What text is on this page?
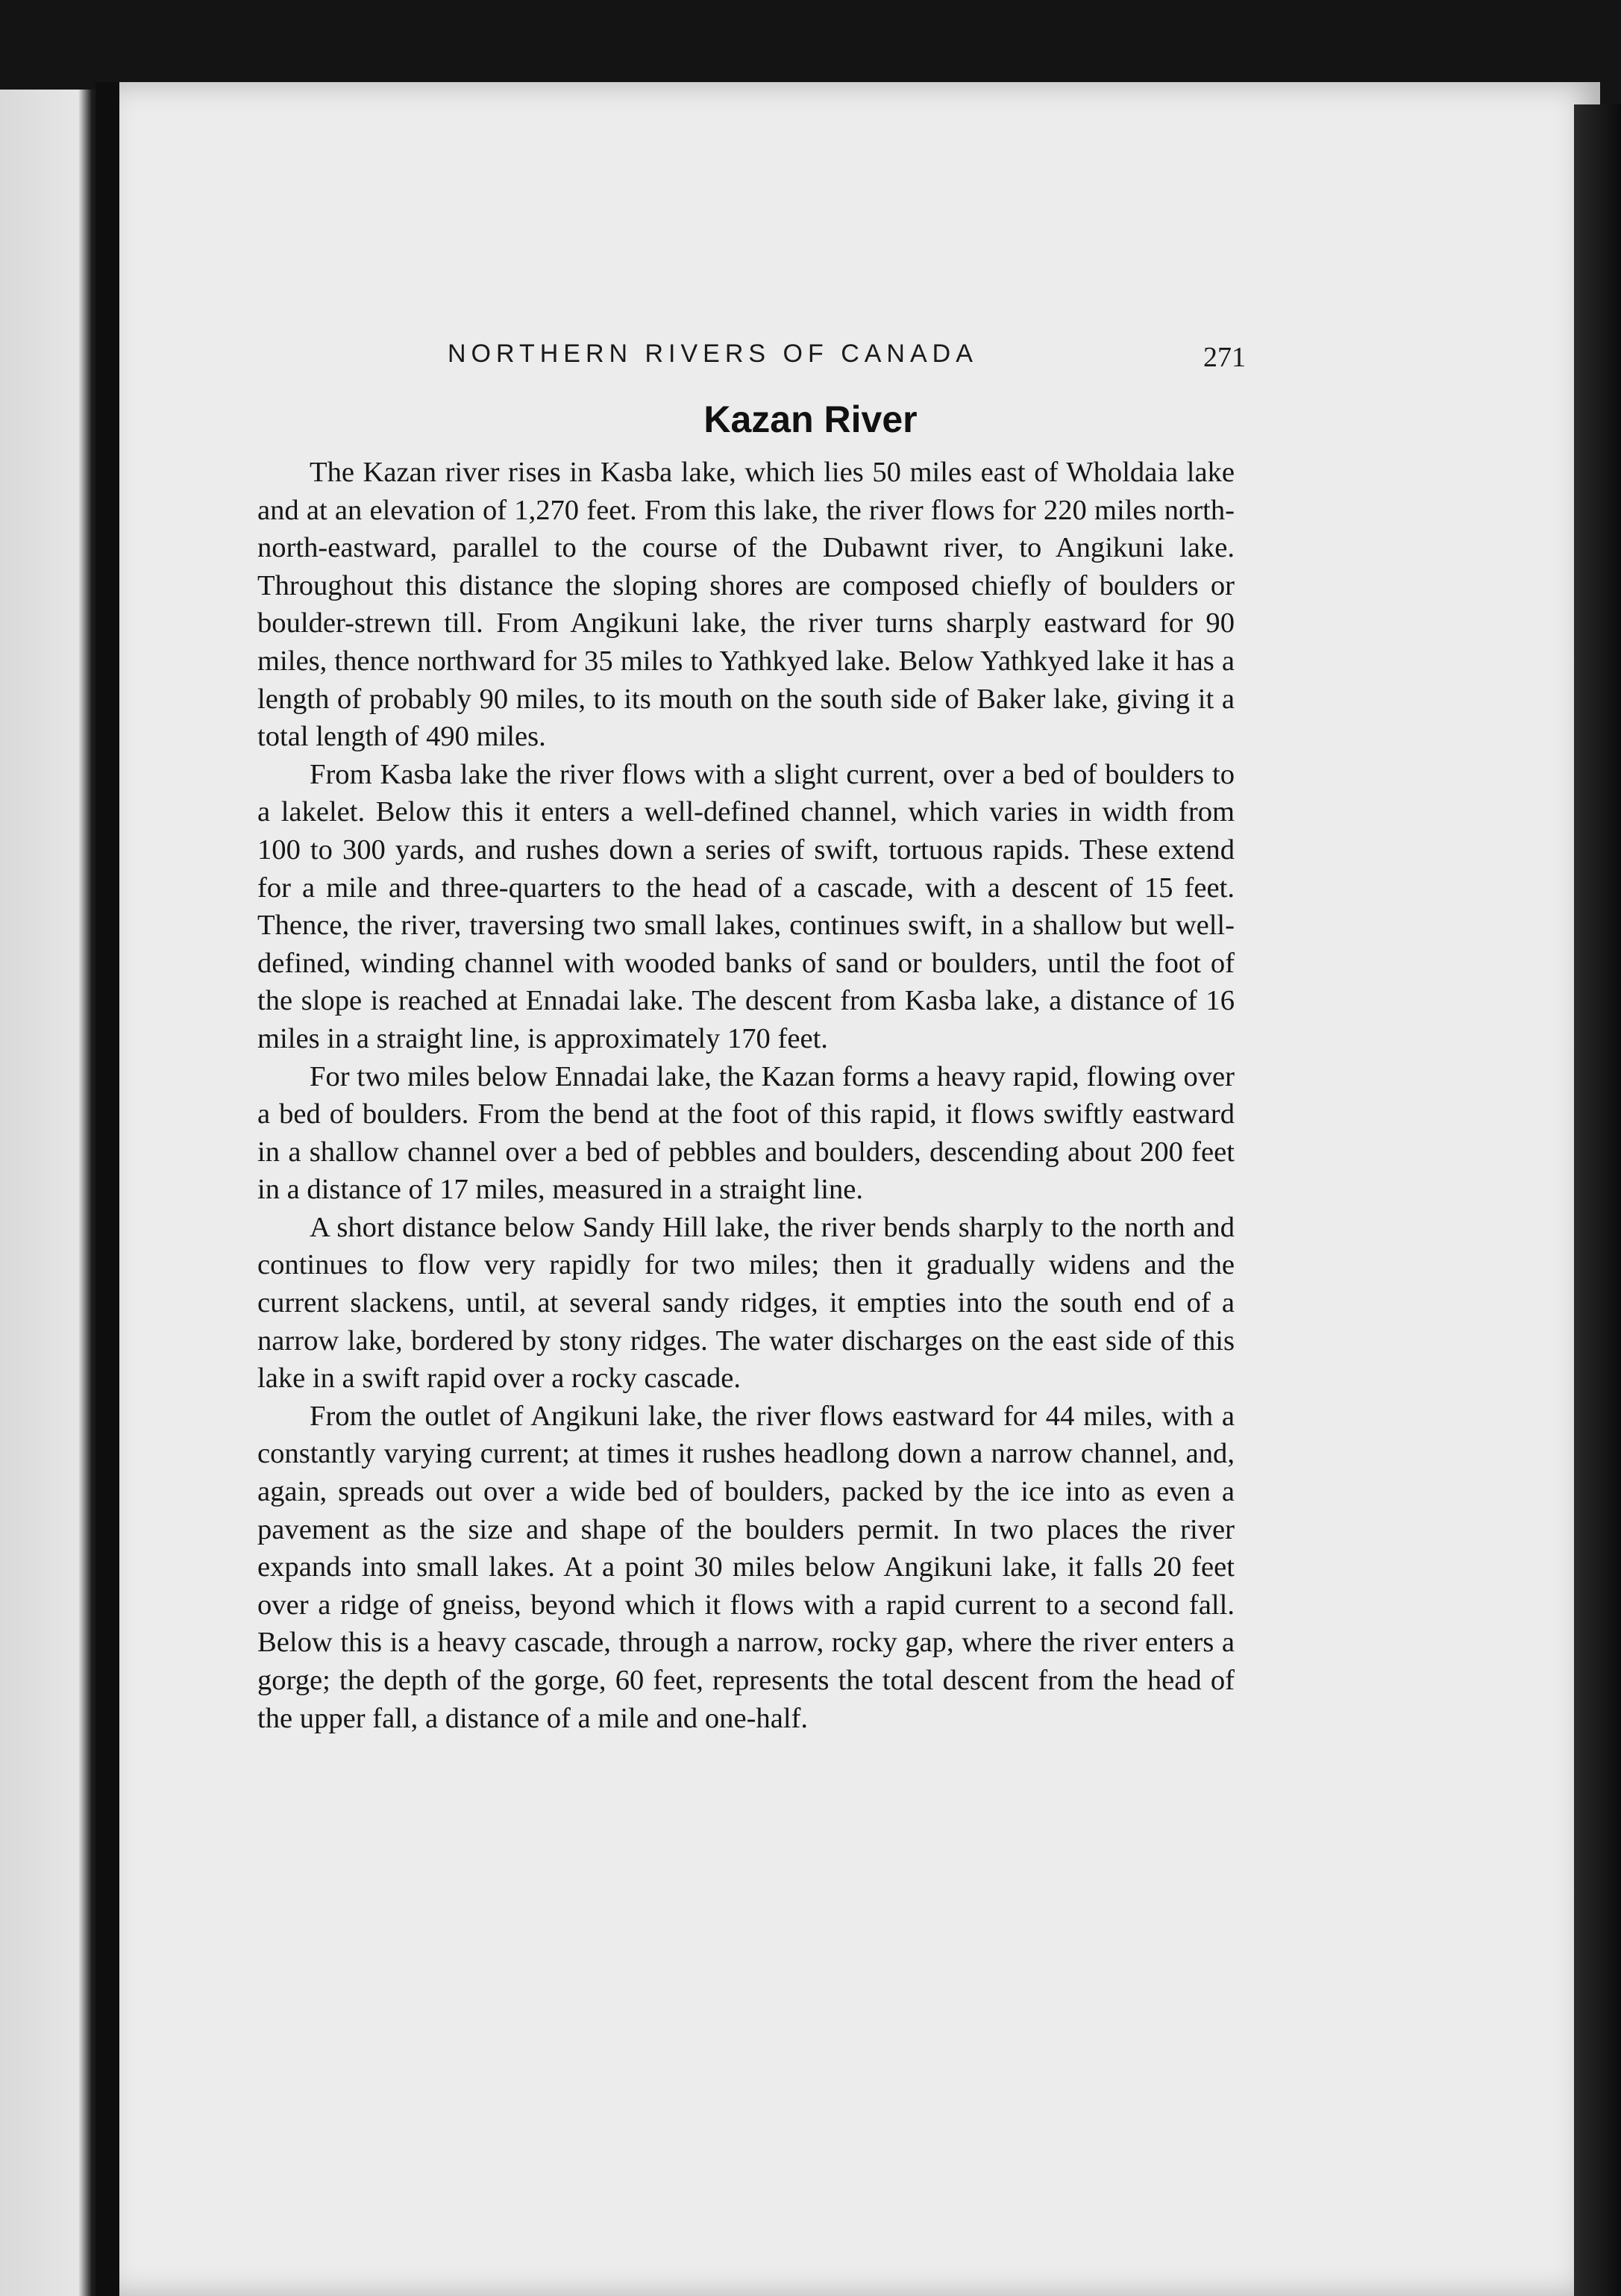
NORTHERN RIVERS OF CANADA	271
Kazan River

The Kazan river rises in Kasba lake, which lies 50 miles east of Wholdaia lake and at an elevation of 1,270 feet. From this lake, the river flows for 220 miles north-north-eastward, parallel to the course of the Dubawnt river, to Angikuni lake. Throughout this distance the sloping shores are composed chiefly of boulders or boulder-strewn till. From Angikuni lake, the river turns sharply eastward for 90 miles, thence northward for 35 miles to Yathkyed lake. Below Yathkyed lake it has a length of probably 90 miles, to its mouth on the south side of Baker lake, giving it a total length of 490 miles.

From Kasba lake the river flows with a slight current, over a bed of boulders to a lakelet. Below this it enters a well-defined channel, which varies in width from 100 to 300 yards, and rushes down a series of swift, tortuous rapids. These extend for a mile and three-quarters to the head of a cascade, with a descent of 15 feet. Thence, the river, traversing two small lakes, continues swift, in a shallow but well-defined, winding channel with wooded banks of sand or boulders, until the foot of the slope is reached at Ennadai lake. The descent from Kasba lake, a distance of 16 miles in a straight line, is approximately 170 feet.

For two miles below Ennadai lake, the Kazan forms a heavy rapid, flowing over a bed of boulders. From the bend at the foot of this rapid, it flows swiftly eastward in a shallow channel over a bed of pebbles and boulders, descending about 200 feet in a distance of 17 miles, measured in a straight line.

A short distance below Sandy Hill lake, the river bends sharply to the north and continues to flow very rapidly for two miles; then it gradually widens and the current slackens, until, at several sandy ridges, it empties into the south end of a narrow lake, bordered by stony ridges. The water discharges on the east side of this lake in a swift rapid over a rocky cascade.

From the outlet of Angikuni lake, the river flows eastward for 44 miles, with a constantly varying current; at times it rushes headlong down a narrow channel, and, again, spreads out over a wide bed of boulders, packed by the ice into as even a pavement as the size and shape of the boulders permit. In two places the river expands into small lakes. At a point 30 miles below Angikuni lake, it falls 20 feet over a ridge of gneiss, beyond which it flows with a rapid current to a second fall. Below this is a heavy cascade, through a narrow, rocky gap, where the river enters a gorge; the depth of the gorge, 60 feet, represents the total descent from the head of the upper fall, a distance of a mile and one-half.
